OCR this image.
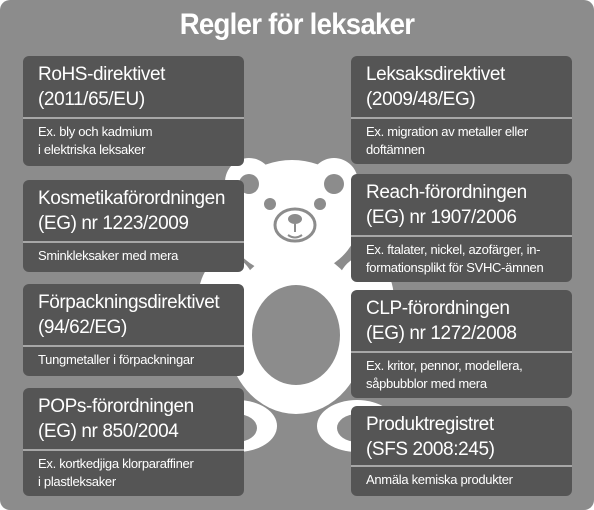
Regler för leksaker
RoHS-direktivet
(2011/65/EU)
Ex. bly och kadmium
i elektriska leksaker
Kosmetikaförordningen
(EG) nr 1223/2009
Sminkleksaker med mera
Förpackningsdirektivet
(94/62/EG)
Tungmetaller i förpackningar
POPs-förordningen
(EG) nr 850/2004
Ex. kortkedjiga klorparaffiner
i plastleksaker
Leksaksdirektivet
(2009/48/EG)
Ex. migration av metaller eller
doftämnen
Reach-förordningen
(EG) nr 1907/2006
Ex. ftalater, nickel, azofärger, in-
formationsplikt för SVHC-ämnen
CLP-förordningen
(EG) nr 1272/2008
Ex. kritor, pennor, modellera,
såpbubblor med mera
Produktregistret
(SFS 2008:245)
Anmäla kemiska produkter
